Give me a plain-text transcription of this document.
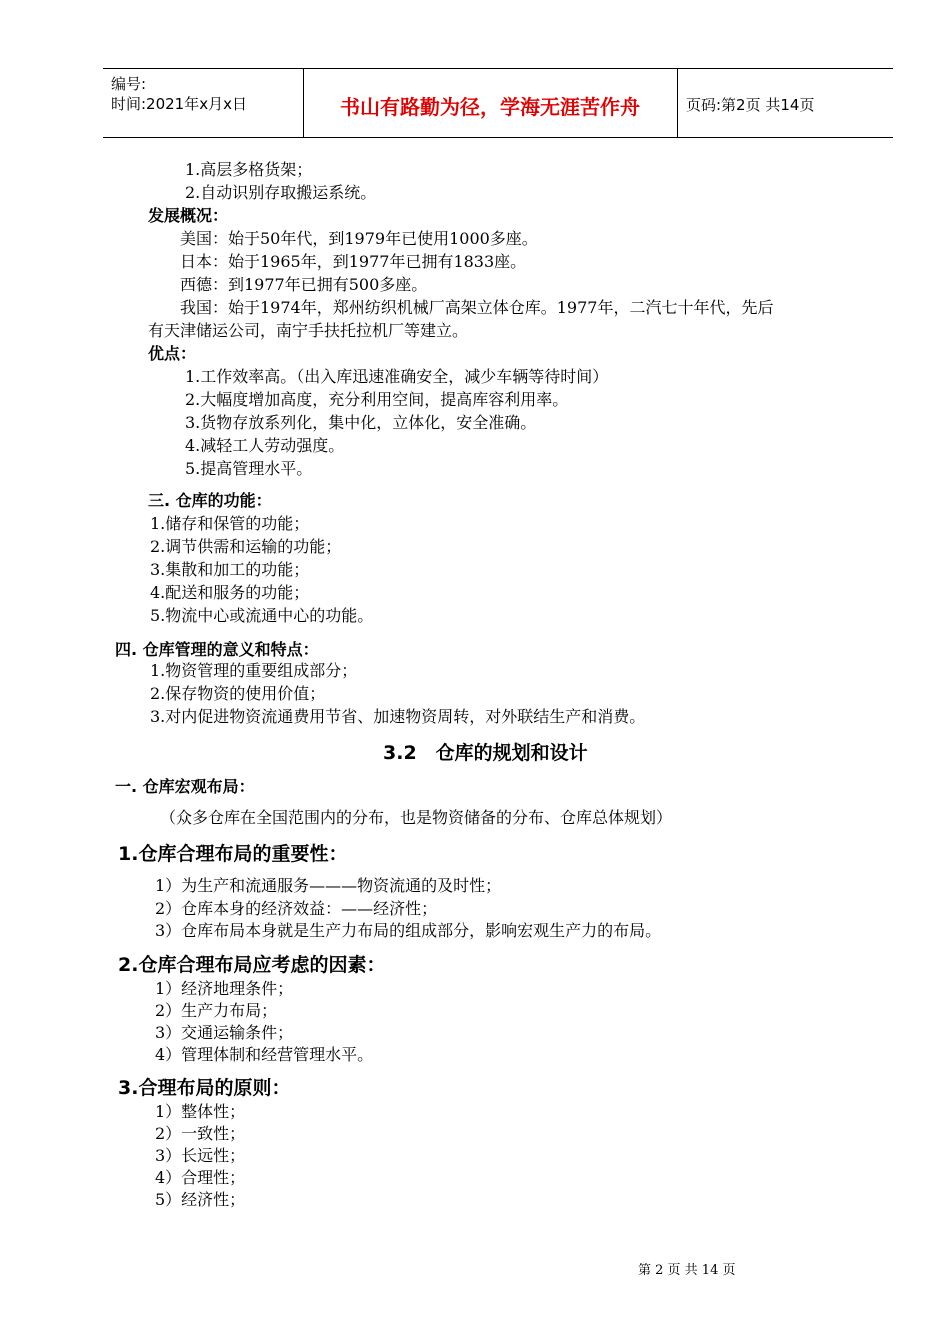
编号:
时间:2021年x月x日	书山有路勤为径，学海无涯苦作舟	页码:第2页 共14页
1.高层多格货架；
2.自动识别存取搬运系统。
发展概况：
美国：始于50年代，到1979年已使用1000多座。
日本：始于1965年，到1977年已拥有1833座。
西德：到1977年已拥有500多座。
我国：始于1974年，郑州纺织机械厂高架立体仓库。1977年，二汽七十年代，先后
有天津储运公司，南宁手扶托拉机厂等建立。
优点：
1.工作效率高。（出入库迅速准确安全，减少车辆等待时间）
2.大幅度增加高度，充分利用空间，提高库容利用率。
3.货物存放系列化，集中化，立体化，安全准确。
4.减轻工人劳动强度。
5.提高管理水平。
三. 仓库的功能：
1.储存和保管的功能；
2.调节供需和运输的功能；
3.集散和加工的功能；
4.配送和服务的功能；
5.物流中心或流通中心的功能。
四. 仓库管理的意义和特点：
1.物资管理的重要组成部分；
2.保存物资的使用价值；
3.对内促进物资流通费用节省、加速物资周转，对外联结生产和消费。
3.2　仓库的规划和设计
一. 仓库宏观布局：
（众多仓库在全国范围内的分布，也是物资储备的分布、仓库总体规划）
1.仓库合理布局的重要性：
1）为生产和流通服务———物资流通的及时性；
2）仓库本身的经济效益：——经济性；
3）仓库布局本身就是生产力布局的组成部分，影响宏观生产力的布局。
2.仓库合理布局应考虑的因素：
1）经济地理条件；
2）生产力布局；
3）交通运输条件；
4）管理体制和经营管理水平。
3.合理布局的原则：
1）整体性；
2）一致性；
3）长远性；
4）合理性；
5）经济性；
第 2 页 共 14 页
